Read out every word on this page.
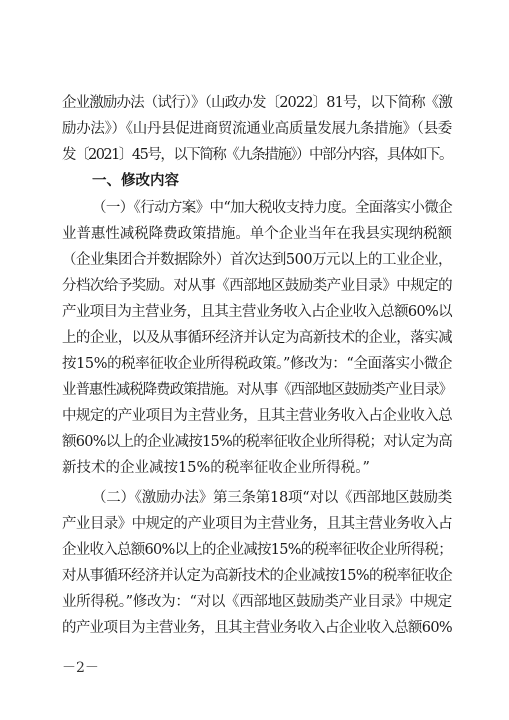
企业激励办法（试行）》（山政办发〔2022〕81号，以下简称《激
励办法》）《山丹县促进商贸流通业高质量发展九条措施》（县委
发〔2021〕45号，以下简称《九条措施》）中部分内容，具体如下。
一、修改内容
（一）《行动方案》中“加大税收支持力度。全面落实小微企
业普惠性减税降费政策措施。单个企业当年在我县实现纳税额
（企业集团合并数据除外）首次达到500万元以上的工业企业，
分档次给予奖励。对从事《西部地区鼓励类产业目录》中规定的
产业项目为主营业务，且其主营业务收入占企业收入总额60%以
上的企业，以及从事循环经济并认定为高新技术的企业，落实减
按15%的税率征收企业所得税政策。”修改为：“全面落实小微企
业普惠性减税降费政策措施。对从事《西部地区鼓励类产业目录》
中规定的产业项目为主营业务，且其主营业务收入占企业收入总
额60%以上的企业减按15%的税率征收企业所得税；对认定为高
新技术的企业减按15%的税率征收企业所得税。”
（二）《激励办法》第三条第18项“对以《西部地区鼓励类
产业目录》中规定的产业项目为主营业务，且其主营业务收入占
企业收入总额60%以上的企业减按15%的税率征收企业所得税；
对从事循环经济并认定为高新技术的企业减按15%的税率征收企
业所得税。”修改为：“对以《西部地区鼓励类产业目录》中规定
的产业项目为主营业务，且其主营业务收入占企业收入总额60%
－2－
